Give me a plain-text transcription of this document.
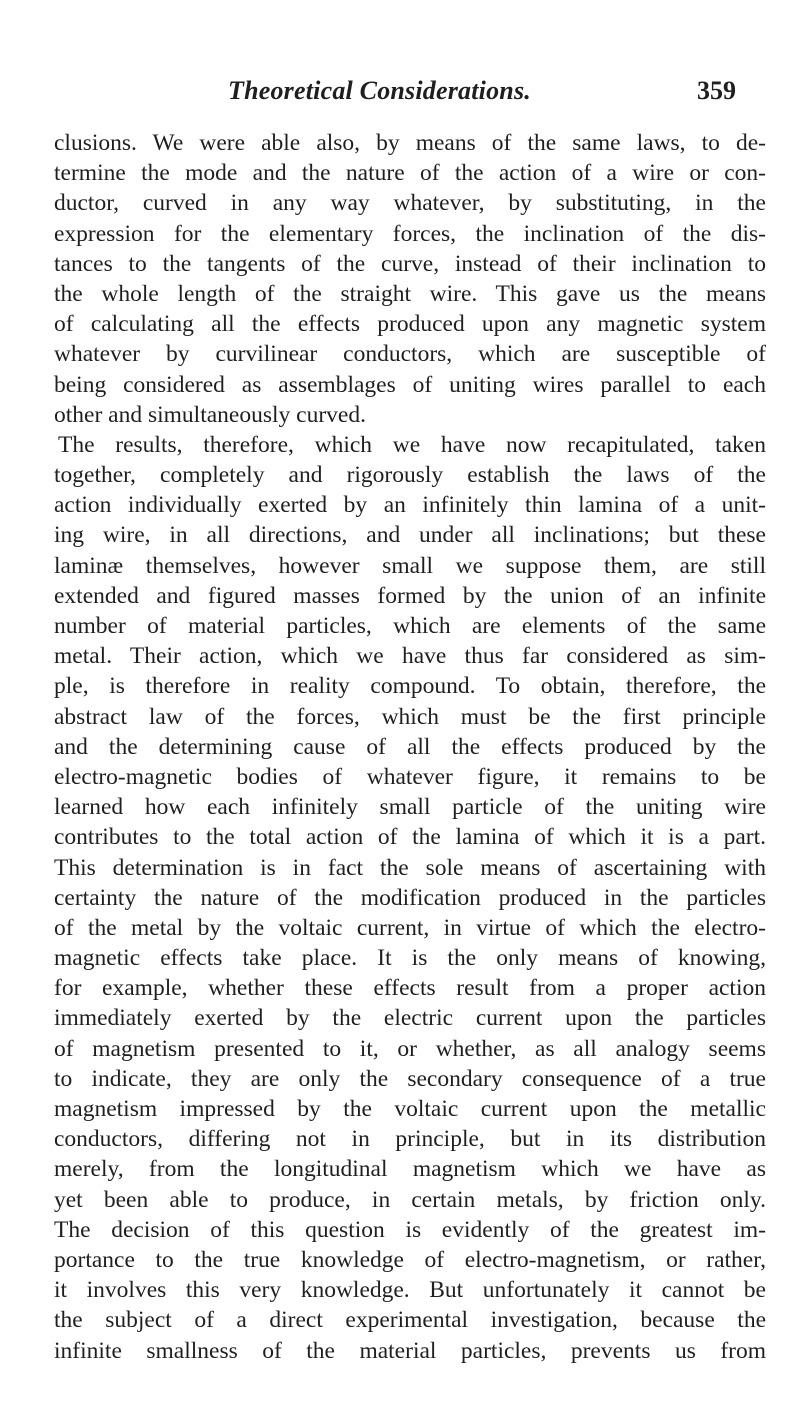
Theoretical Considerations.	359
clusions. We were able also, by means of the same laws, to de-
termine the mode and the nature of the action of a wire or con-
ductor, curved in any way whatever, by substituting, in the
expression for the elementary forces, the inclination of the dis-
tances to the tangents of the curve, instead of their inclination to
the whole length of the straight wire. This gave us the means
of calculating all the effects produced upon any magnetic system
whatever by curvilinear conductors, which are susceptible of
being considered as assemblages of uniting wires parallel to each
other and simultaneously curved.
The results, therefore, which we have now recapitulated, taken
together, completely and rigorously establish the laws of the
action individually exerted by an infinitely thin lamina of a unit-
ing wire, in all directions, and under all inclinations; but these
laminæ themselves, however small we suppose them, are still
extended and figured masses formed by the union of an infinite
number of material particles, which are elements of the same
metal. Their action, which we have thus far considered as sim-
ple, is therefore in reality compound. To obtain, therefore, the
abstract law of the forces, which must be the first principle
and the determining cause of all the effects produced by the
electro-magnetic bodies of whatever figure, it remains to be
learned how each infinitely small particle of the uniting wire
contributes to the total action of the lamina of which it is a part.
This determination is in fact the sole means of ascertaining with
certainty the nature of the modification produced in the particles
of the metal by the voltaic current, in virtue of which the electro-
magnetic effects take place. It is the only means of knowing,
for example, whether these effects result from a proper action
immediately exerted by the electric current upon the particles
of magnetism presented to it, or whether, as all analogy seems
to indicate, they are only the secondary consequence of a true
magnetism impressed by the voltaic current upon the metallic
conductors, differing not in principle, but in its distribution
merely, from the longitudinal magnetism which we have as
yet been able to produce, in certain metals, by friction only.
The decision of this question is evidently of the greatest im-
portance to the true knowledge of electro-magnetism, or rather,
it involves this very knowledge. But unfortunately it cannot be
the subject of a direct experimental investigation, because the
infinite smallness of the material particles, prevents us from
